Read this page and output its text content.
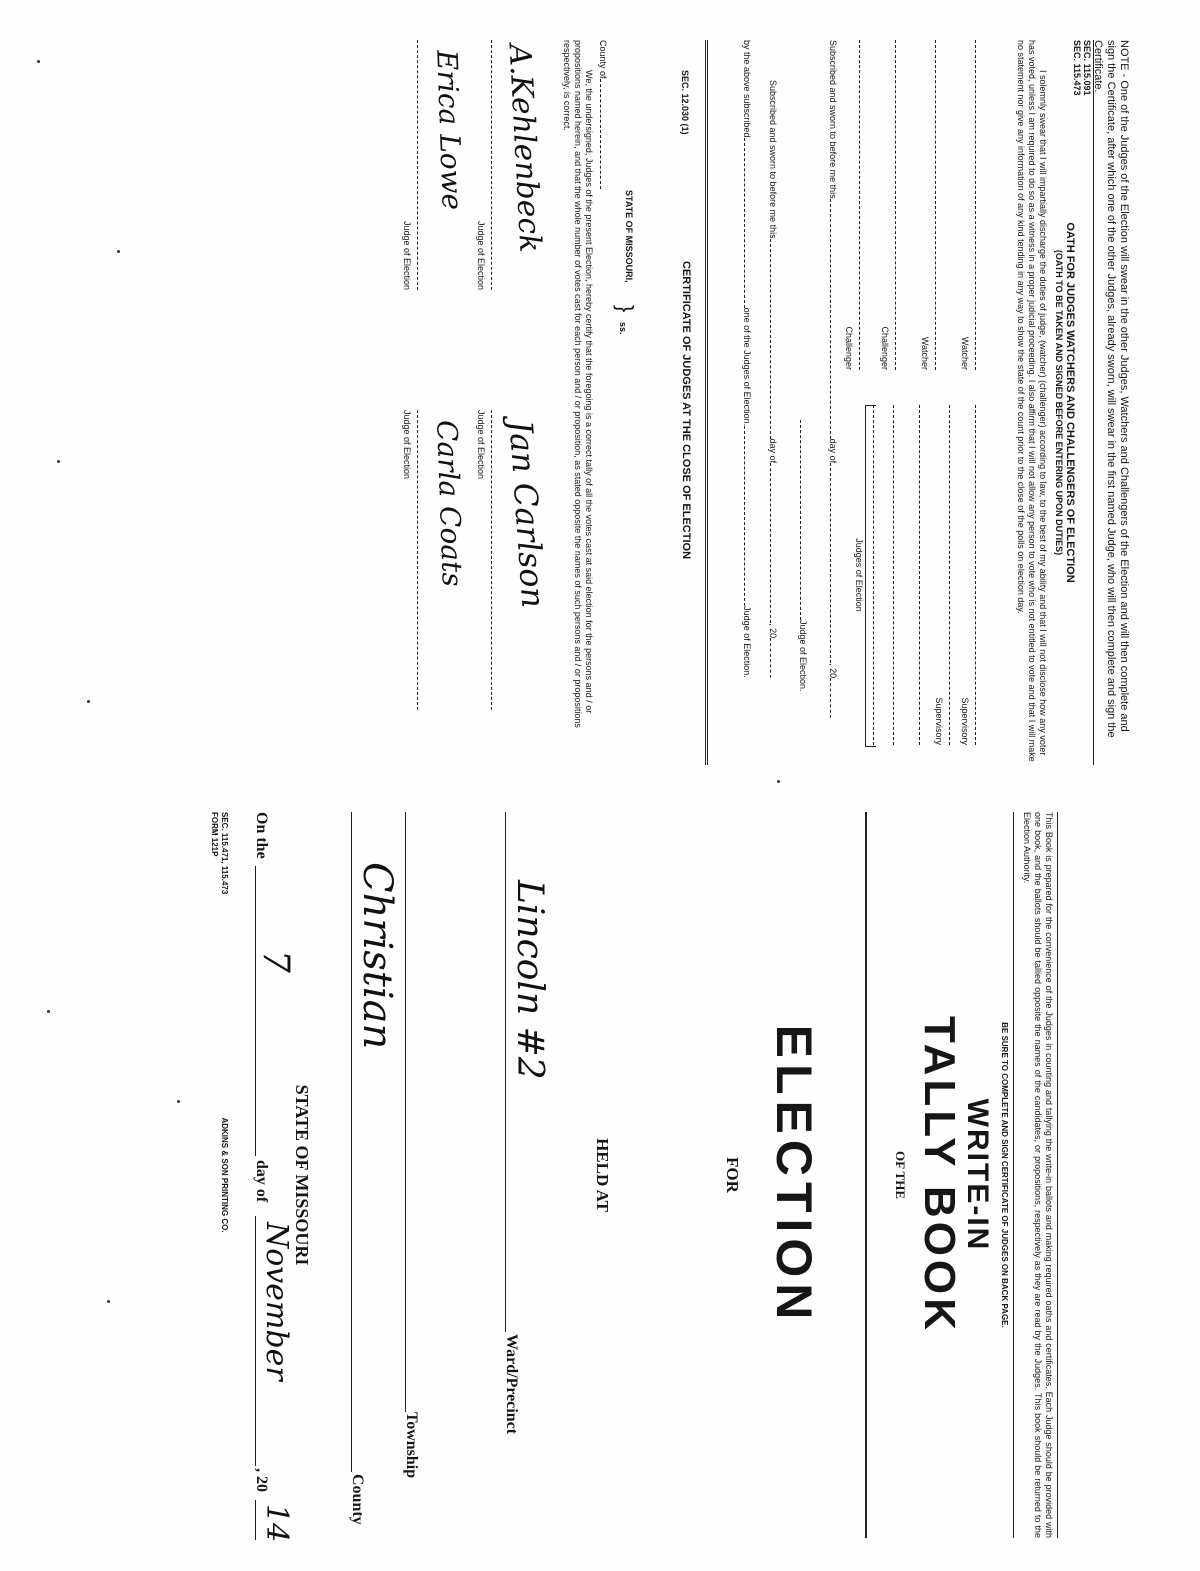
NOTE - One of the Judges of the Election will swear in the other Judges, Watchers and Challengers of the Election and will then complete and sign the Certificate, after which one of the other Judges, already sworn, will swear in the first named Judge, who will then complete and sign the Certificate.
SEC. 115.091
SEC. 115.473
OATH FOR JUDGES WATCHERS AND CHALLENGERS OF ELECTION
(OATH TO BE TAKEN AND SIGNED BEFORE ENTERING UPON DUTIES)
I solemnly swear that I will impartially discharge the duties of judge, (watcher) (challenger) according to law, to the best of my ability and that I will not disclose how any voter has voted, unless I am required to do so as a witness in a proper judicial proceeding. I also affirm that I will not allow any person to vote who is not entitled to vote and that I will make no statement nor give any information of any kind tending in any way to show the state of the count prior to the close of the polls on election day.
Watcher
Watcher
Challenger
Challenger
Supervisory
Supervisory
Judges of Election
Subscribed and sworn to before me thisday of, 20
Judge of Election.
Subscribed and sworn to before me thisday of, 20
by the above subscribedone of the Judges of Election.Judge of Election.
SEC. 12.030 (1)
CERTIFICATE OF JUDGES AT THE CLOSE OF ELECTION
STATE OF MISSOURI,
}
ss.
County of
We, the undersigned, Judges of the present Election, hereby certify that the foregoing is a correct tally of all the votes cast at said election for the persons and / or propositions named herein, and that the whole number of votes cast for each person and / or proposition, as stated opposite the names of such persons and / or propositions respectively, is correct.
A.Kehlenbeck
Judge of Election
Erica Lowe
Judge of Election
Jan Carlson
Judge of Election
Carla Coats
Judge of Election
This Book is prepared for the convenience of the Judges in counting and tallying the write-in ballots and making required oaths and certificates. Each Judge should be provided with one book, and the ballots should be tallied opposite the names of the candidates, or propositions, respectively as they are read by the Judges. This book should be returned to the Election Authority.
BE SURE TO COMPLETE AND SIGN CERTIFICATE OF JUDGES ON BACK PAGE.
WRITE-IN
TALLY BOOK
OF THE
ELECTION
FOR
HELD AT
Lincoln #2
Ward/Precinct
Township
Christian
County
STATE OF MISSOURI
On the
7
day of
November
, 20
14
SEC. 115.471, 115.473
FORM 121P
ADKINS & SON PRINTING CO.
